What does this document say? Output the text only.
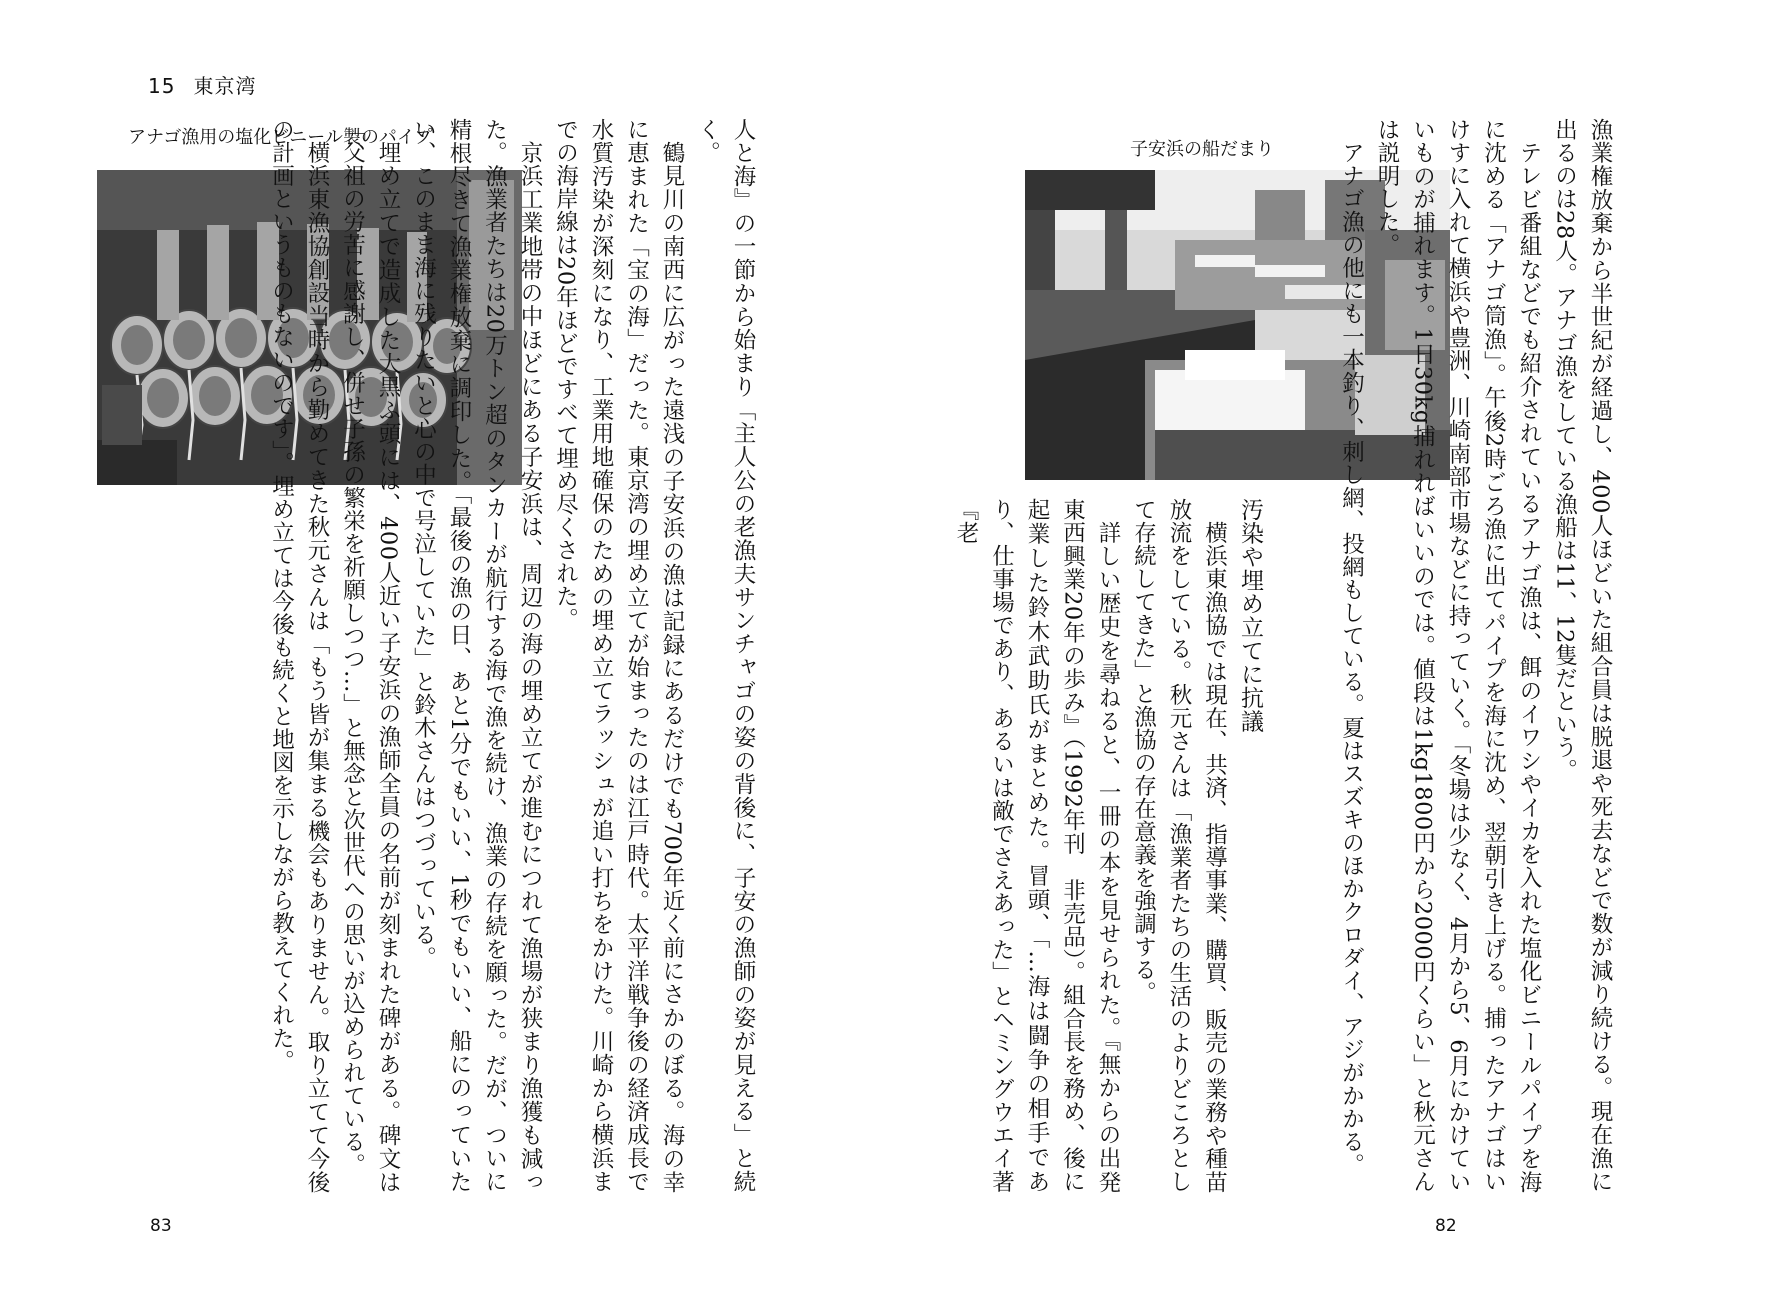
15 東京湾
アナゴ漁用の塩化ビニール製のパイプ	人と海』の一節から始まり「主人公の老漁夫サンチャゴの姿の背後に、子安の漁師の姿が見える」と続く。

鶴見川の南西に広がった遠浅の子安浜の漁は記録にあるだけでも700年近く前にさかのぼる。海の幸に恵まれた「宝の海」だった。東京湾の埋め立てが始まったのは江戸時代。太平洋戦争後の経済成長で水質汚染が深刻になり、工業用地確保のための埋め立てラッシュが追い打ちをかけた。川崎から横浜までの海岸線は20年ほどですべて埋め尽くされた。

京浜工業地帯の中ほどにある子安浜は、周辺の海の埋め立てが進むにつれて漁場が狭まり漁獲も減った。漁業者たちは20万トン超のタンカーが航行する海で漁を続け、漁業の存続を願った。だが、ついに精根尽きて漁業権放棄に調印した。「最後の漁の日、あと1分でもいい、1秒でもいい、船にのっていたい、このまま海に残りたいと心の中で号泣していた」と鈴木さんはつづっている。

埋め立てで造成した大黒ふ頭には、400人近い子安浜の漁師全員の名前が刻まれた碑がある。碑文は「父祖の労苦に感謝し、併せ子孫の繁栄を祈願しつつ…」と無念と次世代への思いが込められている。

横浜東漁協創設当時から勤めてきた秋元さんは「もう皆が集まる機会もありません。取り立てて今後の計画というものもないのです」。埋め立ては今後も続くと地図を示しながら教えてくれた。

83
子安浜の船だまり	漁業権放棄から半世紀が経過し、400人ほどいた組合員は脱退や死去などで数が減り続ける。現在漁に出るのは28人。アナゴ漁をしている漁船は11、12隻だという。

テレビ番組などでも紹介されているアナゴ漁は、餌のイワシやイカを入れた塩化ビニールパイプを海に沈める「アナゴ筒漁」。午後2時ごろ漁に出てパイプを海に沈め、翌朝引き上げる。捕ったアナゴはいけすに入れて横浜や豊洲、川崎南部市場などに持っていく。「冬場は少なく、4月から5、6月にかけていいものが捕れます。1日30kg捕れればいいのでは。値段は1kg1800円から2000円くらい」と秋元さんは説明した。

アナゴ漁の他にも一本釣り、刺し網、投網もしている。夏はスズキのほかクロダイ、アジがかかる。

汚染や埋め立てに抗議

横浜東漁協では現在、共済、指導事業、購買、販売の業務や種苗放流をしている。秋元さんは「漁業者たちの生活のよりどころとして存続してきた」と漁協の存在意義を強調する。

詳しい歴史を尋ねると、一冊の本を見せられた。『無からの出発東西興業20年の歩み』（1992年刊　非売品）。組合長を務め、後に起業した鈴木武助氏がまとめた。冒頭、「…海は闘争の相手であり、仕事場であり、あるいは敵でさえあった」とヘミングウエイ著『老

82
